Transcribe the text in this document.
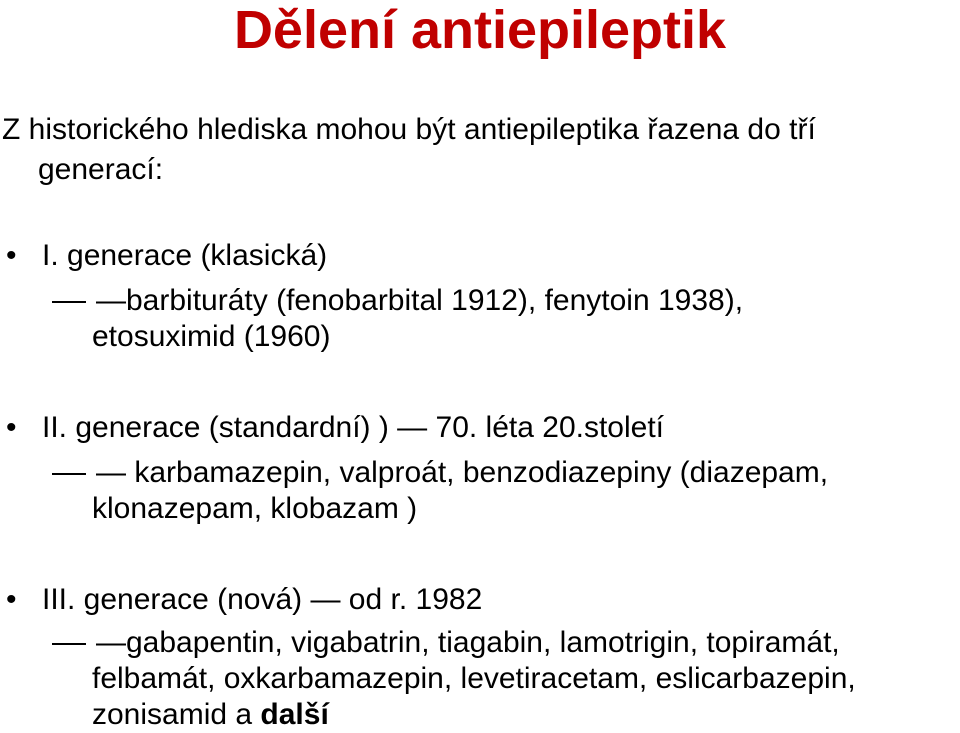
Dělení antiepileptik
Z historického hlediska mohou být antiepileptika řazena do tří
generací:
• I. generace (klasická)
—barbituráty (fenobarbital 1912), fenytoin 1938),
etosuximid (1960)
• II. generace (standardní) ) — 70. léta 20.století
— karbamazepin, valproát, benzodiazepiny (diazepam,
klonazepam, klobazam )
• III. generace (nová) — od r. 1982
—gabapentin, vigabatrin, tiagabin, lamotrigin, topiramát,
felbamát, oxkarbamazepin, levetiracetam, eslicarbazepin,
zonisamid a další
